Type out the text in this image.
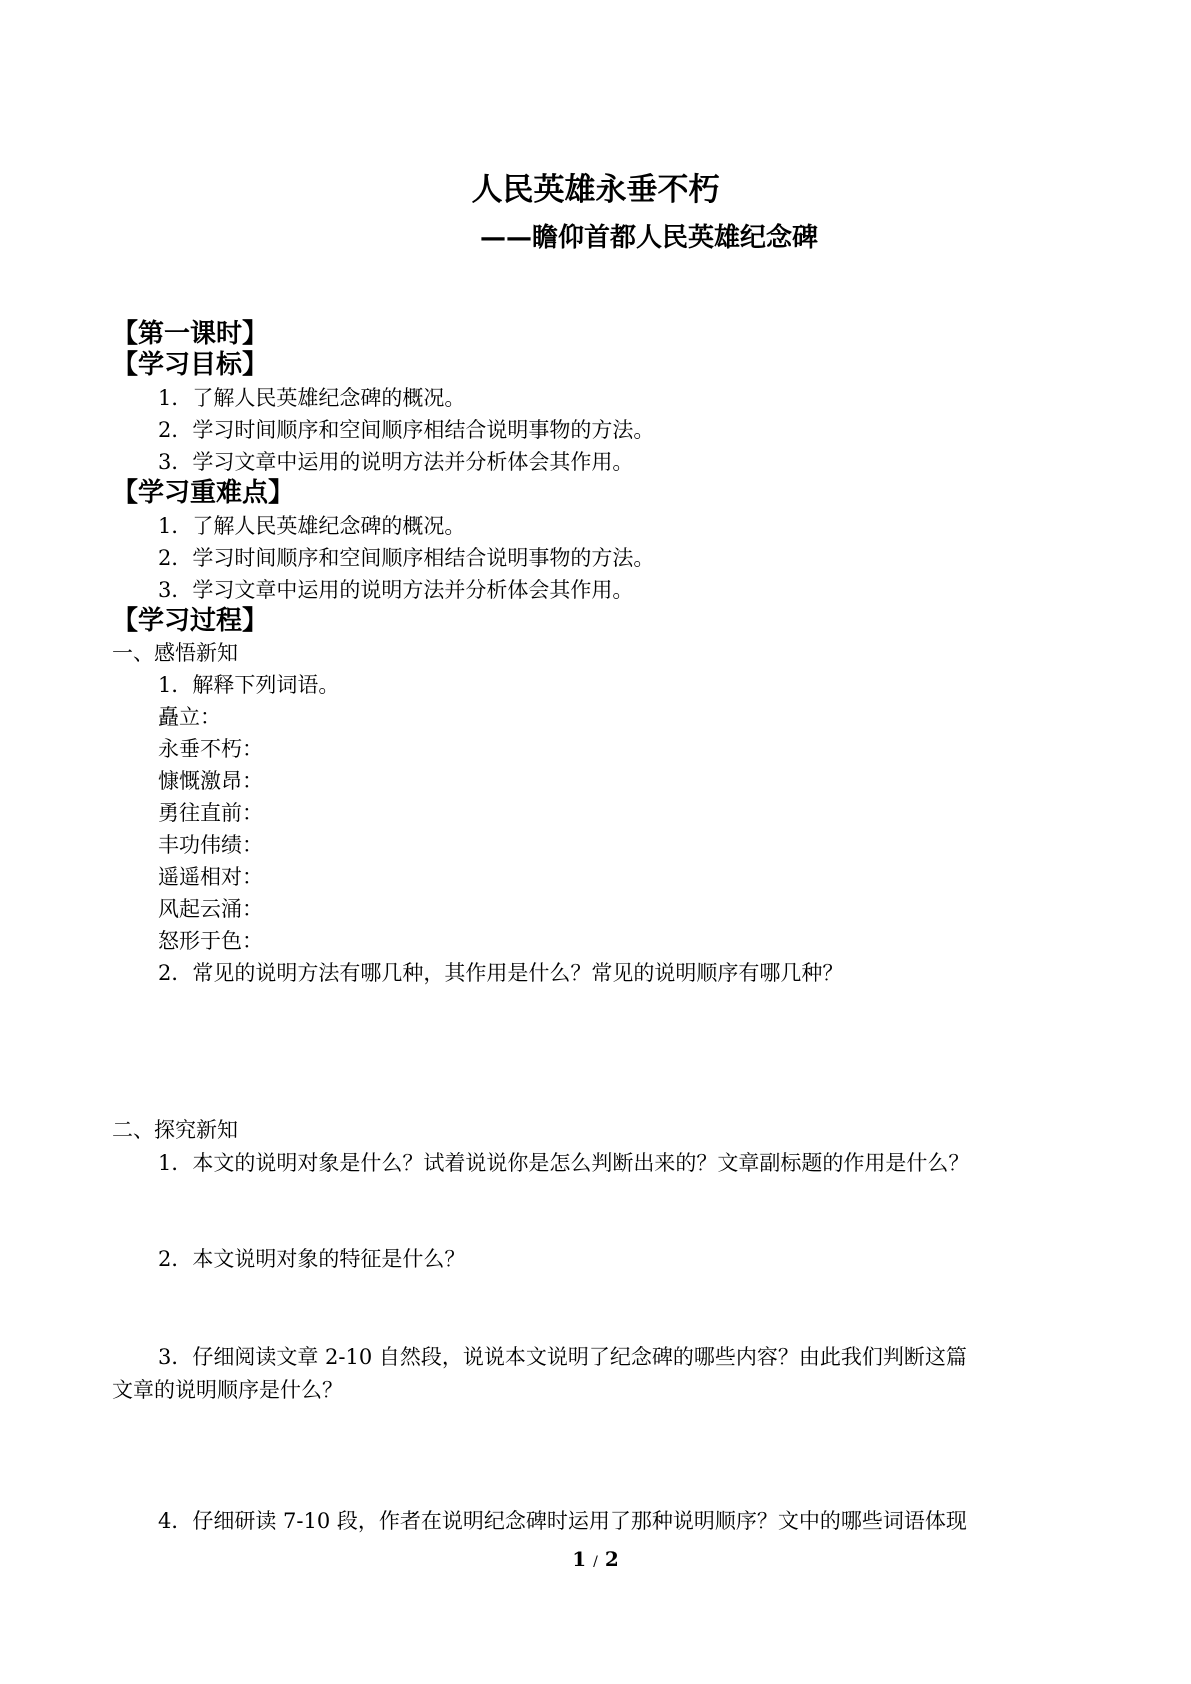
人民英雄永垂不朽
——瞻仰首都人民英雄纪念碑
【第一课时】
【学习目标】
1．了解人民英雄纪念碑的概况。
2．学习时间顺序和空间顺序相结合说明事物的方法。
3．学习文章中运用的说明方法并分析体会其作用。
【学习重难点】
1．了解人民英雄纪念碑的概况。
2．学习时间顺序和空间顺序相结合说明事物的方法。
3．学习文章中运用的说明方法并分析体会其作用。
【学习过程】
一、感悟新知
1．解释下列词语。
矗立：
永垂不朽：
慷慨激昂：
勇往直前：
丰功伟绩：
遥遥相对：
风起云涌：
怒形于色：
2．常见的说明方法有哪几种，其作用是什么？常见的说明顺序有哪几种？
二、探究新知
1．本文的说明对象是什么？试着说说你是怎么判断出来的？文章副标题的作用是什么？
2．本文说明对象的特征是什么？
3．仔细阅读文章 2-10 自然段，说说本文说明了纪念碑的哪些内容？由此我们判断这篇
文章的说明顺序是什么？
4．仔细研读 7-10 段，作者在说明纪念碑时运用了那种说明顺序？文中的哪些词语体现
1 / 2
